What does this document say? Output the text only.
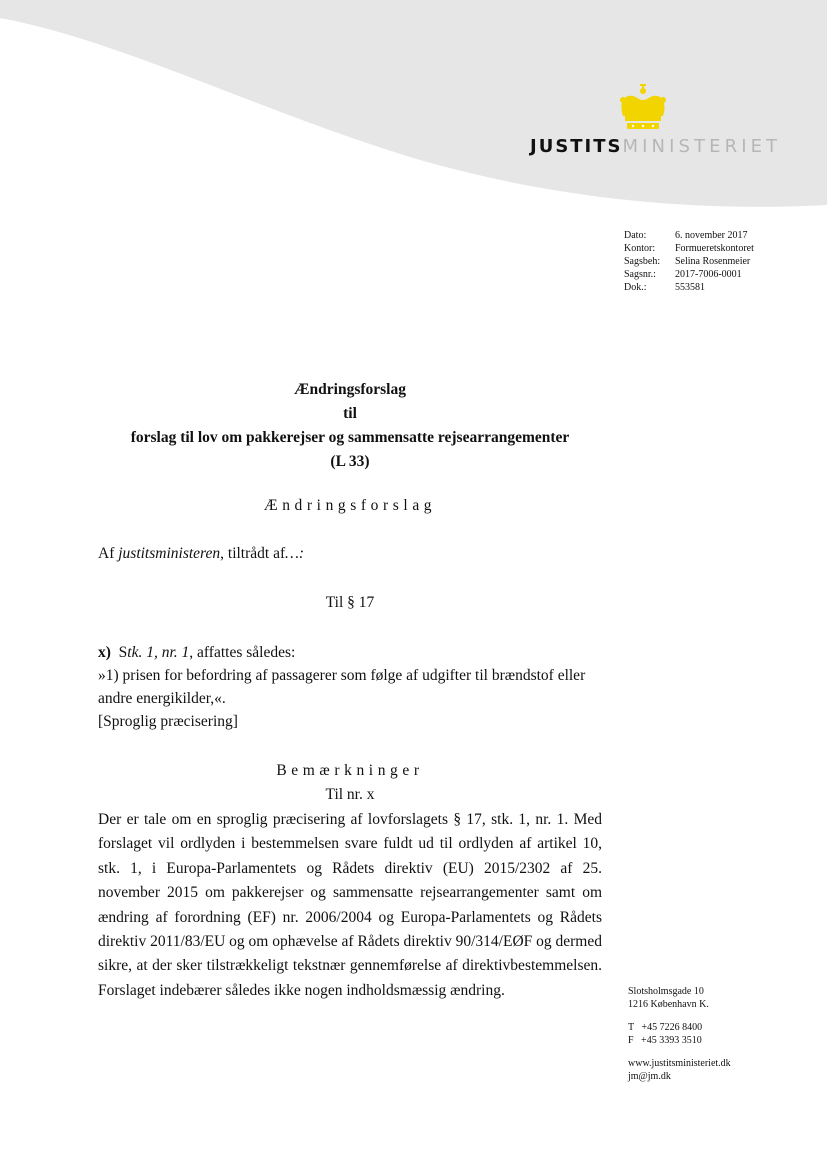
JUSTITSMINISTERIET
Dato:	6. november 2017
Kontor:	Formueretskontoret
Sagsbeh:	Selina Rosenmeier
Sagsnr.:	2017-7006-0001
Dok.:	553581
Ændringsforslag
til
forslag til lov om pakkerejser og sammensatte rejsearrangementer
(L 33)
Ændringsforslag
Af justitsministeren, tiltrådt af…:
Til § 17

x) Stk. 1, nr. 1, affattes således:

»1) prisen for befordring af passagerer som følge af udgifter til brændstof eller andre energikilder,«.

[Sproglig præcisering]

Bemærkninger
Til nr. x
Der er tale om en sproglig præcisering af lovforslagets § 17, stk. 1, nr. 1. Med forslaget vil ordlyden i bestemmelsen svare fuldt ud til ordlyden af artikel 10, stk. 1, i Europa-Parlamentets og Rådets direktiv (EU) 2015/2302 af 25. november 2015 om pakkerejser og sammensatte rejsearrangementer samt om ændring af forordning (EF) nr. 2006/2004 og Europa-Parlamentets og Rådets direktiv 2011/83/EU og om ophævelse af Rådets direktiv 90/314/EØF og dermed sikre, at der sker tilstrækkeligt tekstnær gennemførelse af direktivbestemmelsen. Forslaget indebærer således ikke nogen indholdsmæssig ændring.	Slotsholmsgade 10
1216 København K.
T   +45 7226 8400
F   +45 3393 3510
www.justitsministeriet.dk
jm@jm.dk
